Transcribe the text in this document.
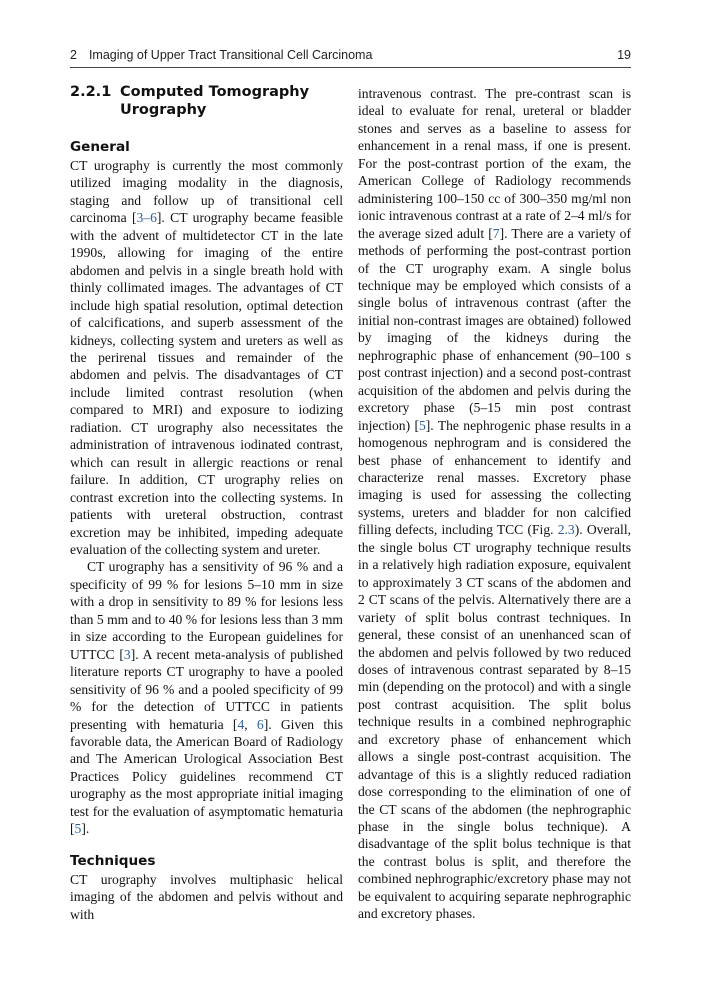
2 Imaging of Upper Tract Transitional Cell Carcinoma	19
2.2.1 Computed Tomography Urography
General

CT urography is currently the most commonly utilized imaging modality in the diagnosis, staging and follow up of transitional cell carcinoma [3–6]. CT urography became feasible with the advent of multidetector CT in the late 1990s, allowing for imaging of the entire abdomen and pelvis in a single breath hold with thinly collimated images. The advantages of CT include high spatial resolution, optimal detection of calcifications, and superb assessment of the kidneys, collecting system and ureters as well as the perirenal tissues and remainder of the abdomen and pelvis. The disadvantages of CT include limited contrast resolution (when compared to MRI) and exposure to iodizing radiation. CT urography also necessitates the administration of intravenous iodinated contrast, which can result in allergic reactions or renal failure. In addition, CT urography relies on contrast excretion into the collecting systems. In patients with ureteral obstruction, contrast excretion may be inhibited, impeding adequate evaluation of the collecting system and ureter.

CT urography has a sensitivity of 96 % and a specificity of 99 % for lesions 5–10 mm in size with a drop in sensitivity to 89 % for lesions less than 5 mm and to 40 % for lesions less than 3 mm in size according to the European guidelines for UTTCC [3]. A recent meta-analysis of published literature reports CT urography to have a pooled sensitivity of 96 % and a pooled specificity of 99 % for the detection of UTTCC in patients presenting with hematuria [4, 6]. Given this favorable data, the American Board of Radiology and The American Urological Association Best Practices Policy guidelines recommend CT urography as the most appropriate initial imaging test for the evaluation of asymptomatic hematuria [5].

Techniques

CT urography involves multiphasic helical imaging of the abdomen and pelvis without and with

intravenous contrast. The pre-contrast scan is ideal to evaluate for renal, ureteral or bladder stones and serves as a baseline to assess for enhancement in a renal mass, if one is present. For the post-contrast portion of the exam, the American College of Radiology recommends administering 100–150 cc of 300–350 mg/ml non ionic intravenous contrast at a rate of 2–4 ml/s for the average sized adult [7]. There are a variety of methods of performing the post-contrast portion of the CT urography exam. A single bolus technique may be employed which consists of a single bolus of intravenous contrast (after the initial non-contrast images are obtained) followed by imaging of the kidneys during the nephrographic phase of enhancement (90–100 s post contrast injection) and a second post-contrast acquisition of the abdomen and pelvis during the excretory phase (5–15 min post contrast injection) [5]. The nephrogenic phase results in a homogenous nephrogram and is considered the best phase of enhancement to identify and characterize renal masses. Excretory phase imaging is used for assessing the collecting systems, ureters and bladder for non calcified filling defects, including TCC (Fig. 2.3). Overall, the single bolus CT urography technique results in a relatively high radiation exposure, equivalent to approximately 3 CT scans of the abdomen and 2 CT scans of the pelvis. Alternatively there are a variety of split bolus contrast techniques. In general, these consist of an unenhanced scan of the abdomen and pelvis followed by two reduced doses of intravenous contrast separated by 8–15 min (depending on the protocol) and with a single post contrast acquisition. The split bolus technique results in a combined nephrographic and excretory phase of enhancement which allows a single post-contrast acquisition. The advantage of this is a slightly reduced radiation dose corresponding to the elimination of one of the CT scans of the abdomen (the nephrographic phase in the single bolus technique). A disadvantage of the split bolus technique is that the contrast bolus is split, and therefore the combined nephrographic/excretory phase may not be equivalent to acquiring separate nephrographic and excretory phases.
